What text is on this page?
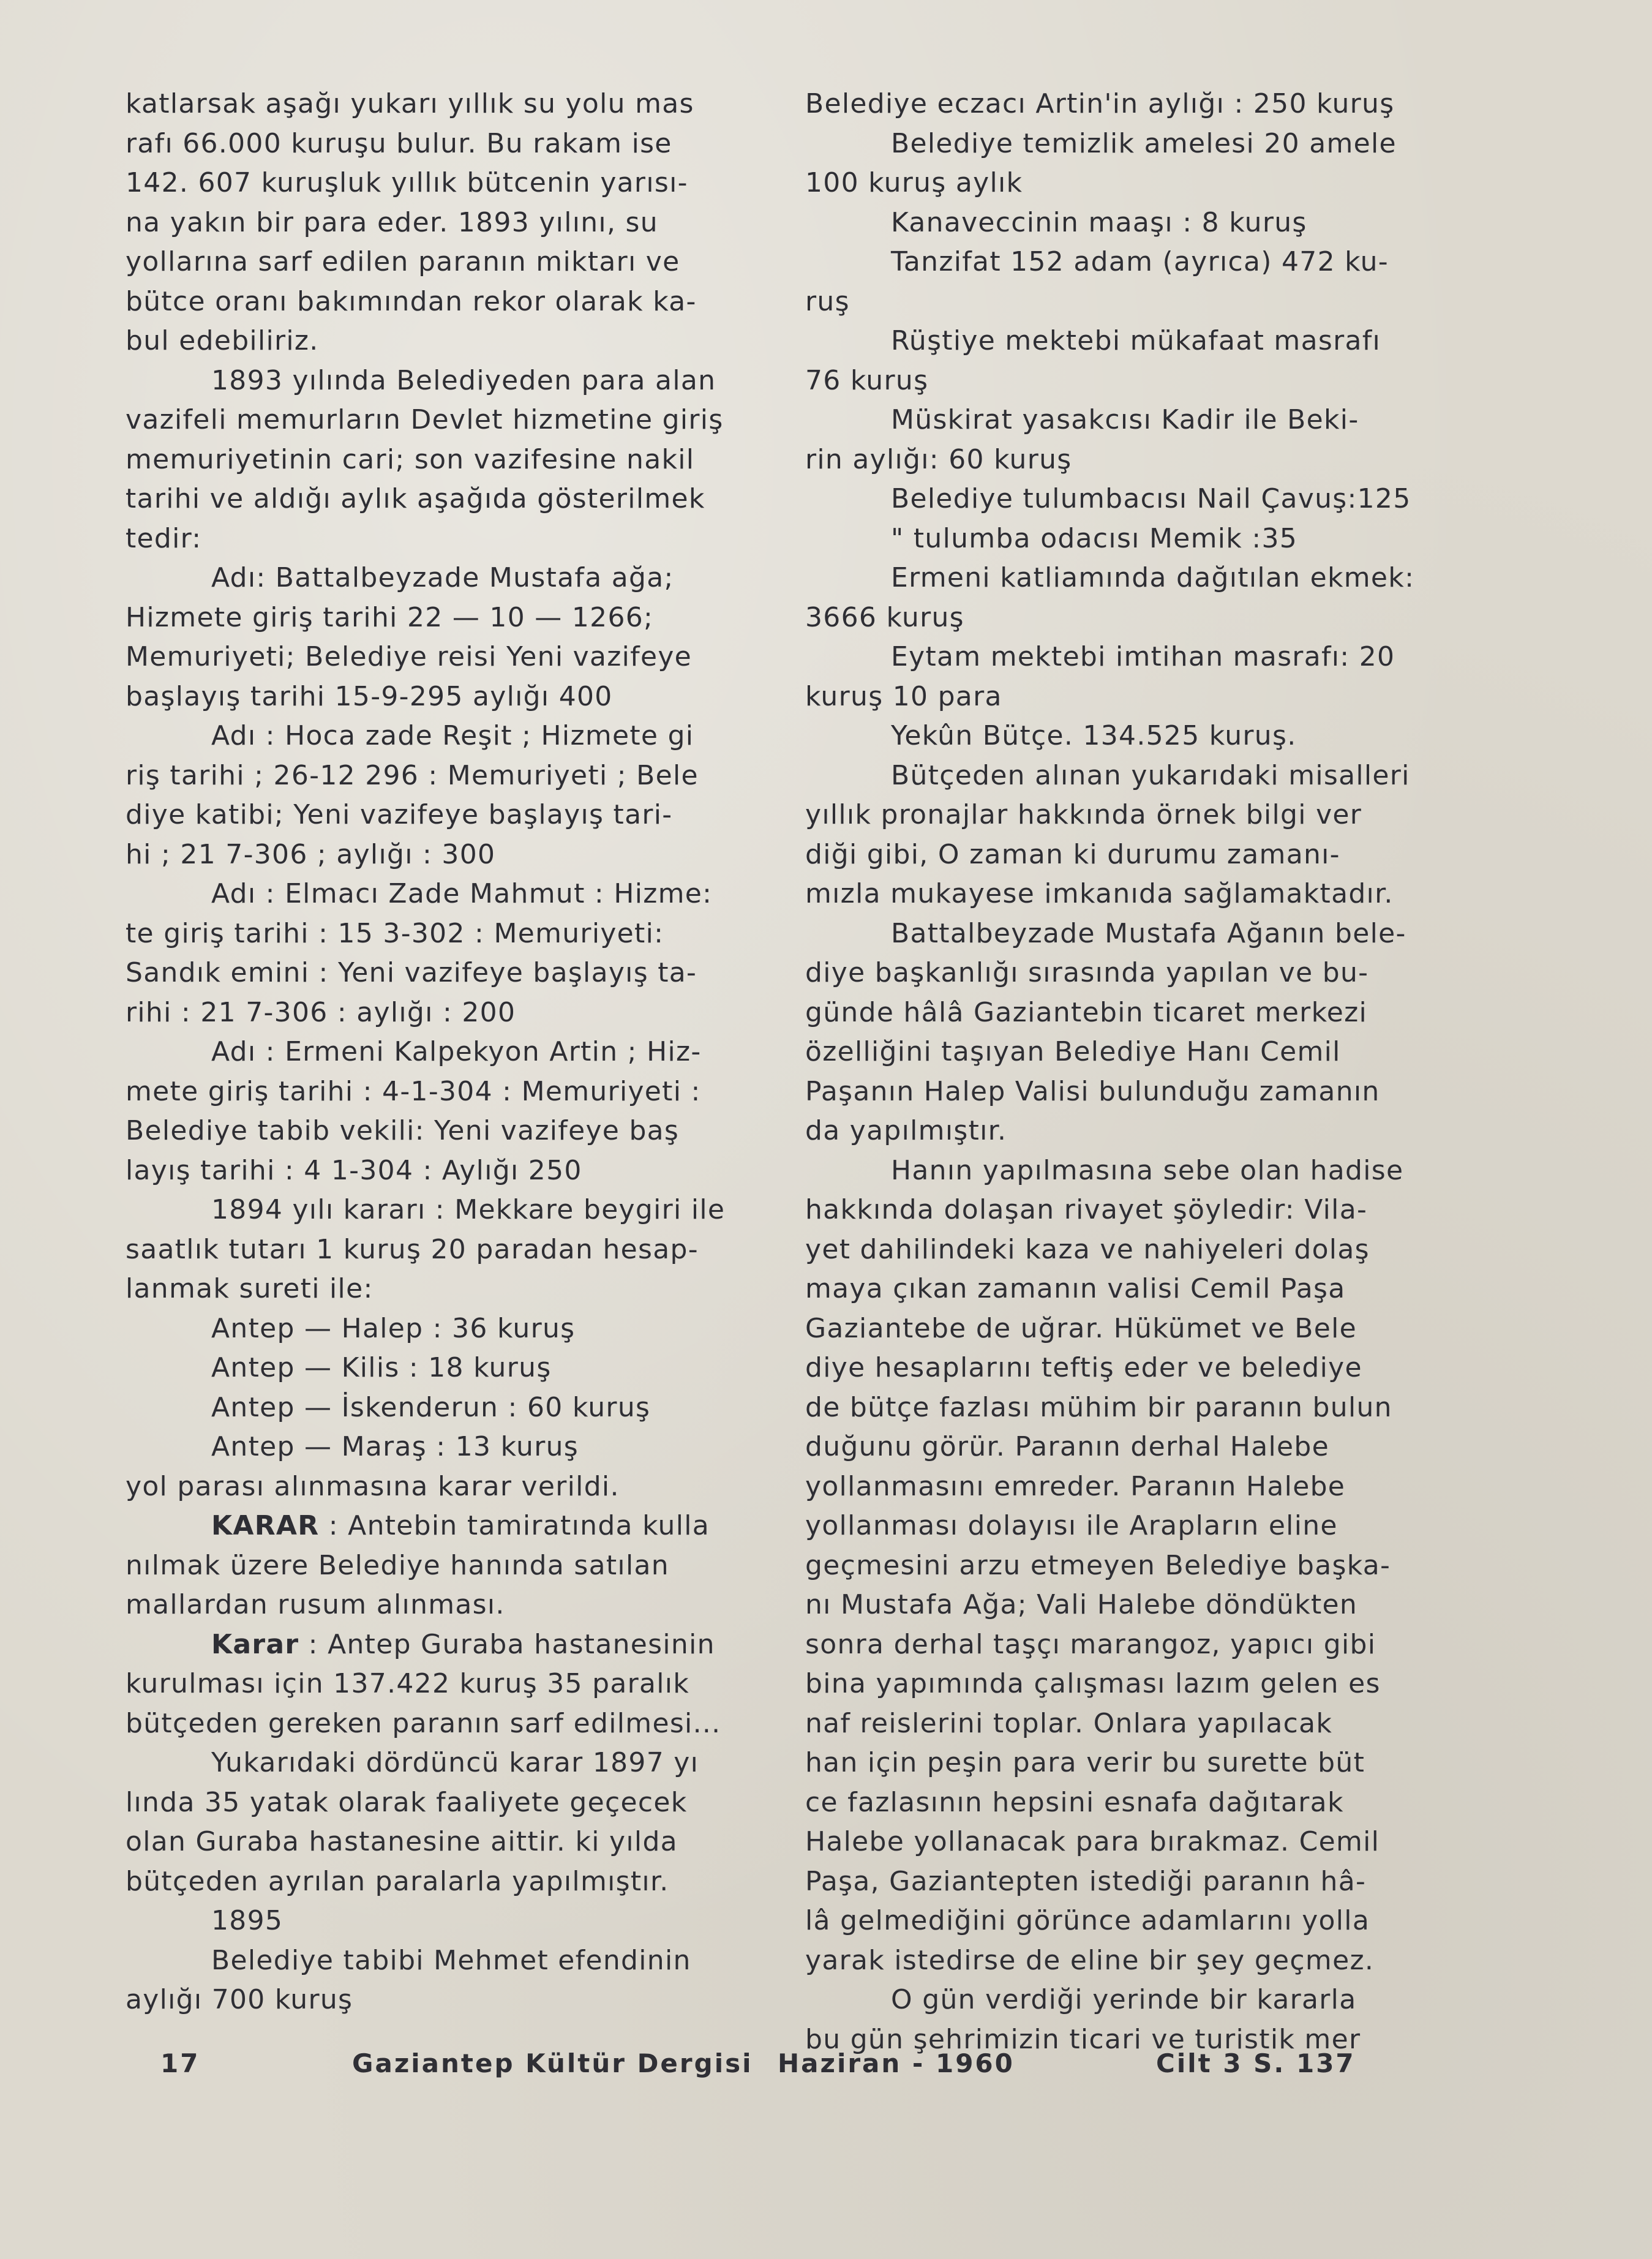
katlarsak aşağı yukarı yıllık su yolu mas
rafı 66.000 kuruşu bulur. Bu rakam ise
142. 607 kuruşluk yıllık bütcenin yarısı-
na yakın bir para eder. 1893 yılını, su
yollarına sarf edilen paranın miktarı ve
bütce oranı bakımından rekor olarak ka-
bul edebiliriz.
1893 yılında Belediyeden para alan
vazifeli memurların Devlet hizmetine giriş
memuriyetinin cari; son vazifesine nakil
tarihi ve aldığı aylık aşağıda gösterilmek
tedir:
Adı: Battalbeyzade Mustafa ağa;
Hizmete giriş tarihi 22 — 10 — 1266;
Memuriyeti; Belediye reisi Yeni vazifeye
başlayış tarihi 15-9-295 aylığı 400
Adı : Hoca zade Reşit ; Hizmete gi
riş tarihi ; 26-12 296 : Memuriyeti ; Bele
diye katibi; Yeni vazifeye başlayış tari-
hi ; 21 7-306 ; aylığı : 300
Adı : Elmacı Zade Mahmut : Hizme:
te giriş tarihi : 15 3-302 : Memuriyeti:
Sandık emini : Yeni vazifeye başlayış ta-
rihi : 21 7-306 : aylığı : 200
Adı : Ermeni Kalpekyon Artin ; Hiz-
mete giriş tarihi : 4-1-304 : Memuriyeti :
Belediye tabib vekili: Yeni vazifeye baş
layış tarihi : 4 1-304 : Aylığı 250
1894 yılı kararı : Mekkare beygiri ile
saatlık tutarı 1 kuruş 20 paradan hesap-
lanmak sureti ile:
Antep — Halep : 36 kuruş
Antep — Kilis : 18 kuruş
Antep — İskenderun : 60 kuruş
Antep — Maraş : 13 kuruş
yol parası alınmasına karar verildi.
KARAR : Antebin tamiratında kulla
nılmak üzere Belediye hanında satılan
mallardan rusum alınması.
Karar : Antep Guraba hastanesinin
kurulması için 137.422 kuruş 35 paralık
bütçeden gereken paranın sarf edilmesi...
Yukarıdaki dördüncü karar 1897 yı
lında 35 yatak olarak faaliyete geçecek
olan Guraba hastanesine aittir. ki yılda
bütçeden ayrılan paralarla yapılmıştır.
1895
Belediye tabibi Mehmet efendinin
aylığı 700 kuruş
Belediye eczacı Artin'in aylığı : 250 kuruş
Belediye temizlik amelesi 20 amele
100 kuruş aylık
Kanaveccinin maaşı : 8 kuruş
Tanzifat 152 adam (ayrıca) 472 ku-
ruş
Rüştiye mektebi mükafaat masrafı
76 kuruş
Müskirat yasakcısı Kadir ile Beki-
rin aylığı: 60 kuruş
Belediye tulumbacısı Nail Çavuş:125
" tulumba odacısı Memik :35
Ermeni katliamında dağıtılan ekmek:
3666 kuruş
Eytam mektebi imtihan masrafı: 20
kuruş 10 para
Yekûn Bütçe. 134.525 kuruş.
Bütçeden alınan yukarıdaki misalleri
yıllık pronajlar hakkında örnek bilgi ver
diği gibi, O zaman ki durumu zamanı-
mızla mukayese imkanıda sağlamaktadır.
Battalbeyzade Mustafa Ağanın bele-
diye başkanlığı sırasında yapılan ve bu-
günde hâlâ Gaziantebin ticaret merkezi
özelliğini taşıyan Belediye Hanı Cemil
Paşanın Halep Valisi bulunduğu zamanın
da yapılmıştır.
Hanın yapılmasına sebe olan hadise
hakkında dolaşan rivayet şöyledir: Vila-
yet dahilindeki kaza ve nahiyeleri dolaş
maya çıkan zamanın valisi Cemil Paşa
Gaziantebe de uğrar. Hükümet ve Bele
diye hesaplarını teftiş eder ve belediye
de bütçe fazlası mühim bir paranın bulun
duğunu görür. Paranın derhal Halebe
yollanmasını emreder. Paranın Halebe
yollanması dolayısı ile Arapların eline
geçmesini arzu etmeyen Belediye başka-
nı Mustafa Ağa; Vali Halebe döndükten
sonra derhal taşçı marangoz, yapıcı gibi
bina yapımında çalışması lazım gelen es
naf reislerini toplar. Onlara yapılacak
han için peşin para verir bu surette büt
ce fazlasının hepsini esnafa dağıtarak
Halebe yollanacak para bırakmaz. Cemil
Paşa, Gaziantepten istediği paranın hâ-
lâ gelmediğini görünce adamlarını yolla
yarak istedirse de eline bir şey geçmez.
O gün verdiği yerinde bir kararla
bu gün şehrimizin ticari ve turistik mer
17	Gaziantep Kültür Dergisi Haziran - 1960	Cilt 3 S. 137
